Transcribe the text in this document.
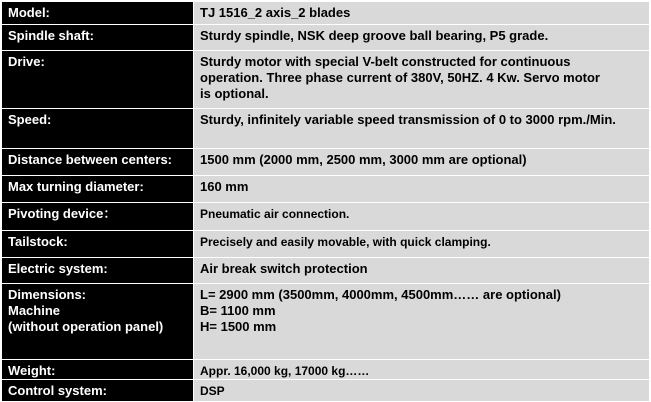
Model:	TJ 1516_2 axis_2 blades
Spindle shaft:	Sturdy spindle, NSK deep groove ball bearing, P5 grade.
Drive:	Sturdy motor with special V-belt constructed for continuous
operation. Three phase current of 380V, 50HZ. 4 Kw. Servo motor
is optional.
Speed:	Sturdy, infinitely variable speed transmission of 0 to 3000 rpm./Min.
Distance between centers:	1500 mm (2000 mm, 2500 mm, 3000 mm are optional)
Max turning diameter:	160 mm
Pivoting device：	Pneumatic air connection.
Tailstock:	Precisely and easily movable, with quick clamping.
Electric system:	Air break switch protection
Dimensions:
Machine
(without operation panel)	L= 2900 mm (3500mm, 4000mm, 4500mm…… are optional)
B= 1100 mm
H= 1500 mm
Weight:	Appr. 16,000 kg, 17000 kg……
Control system:	DSP
